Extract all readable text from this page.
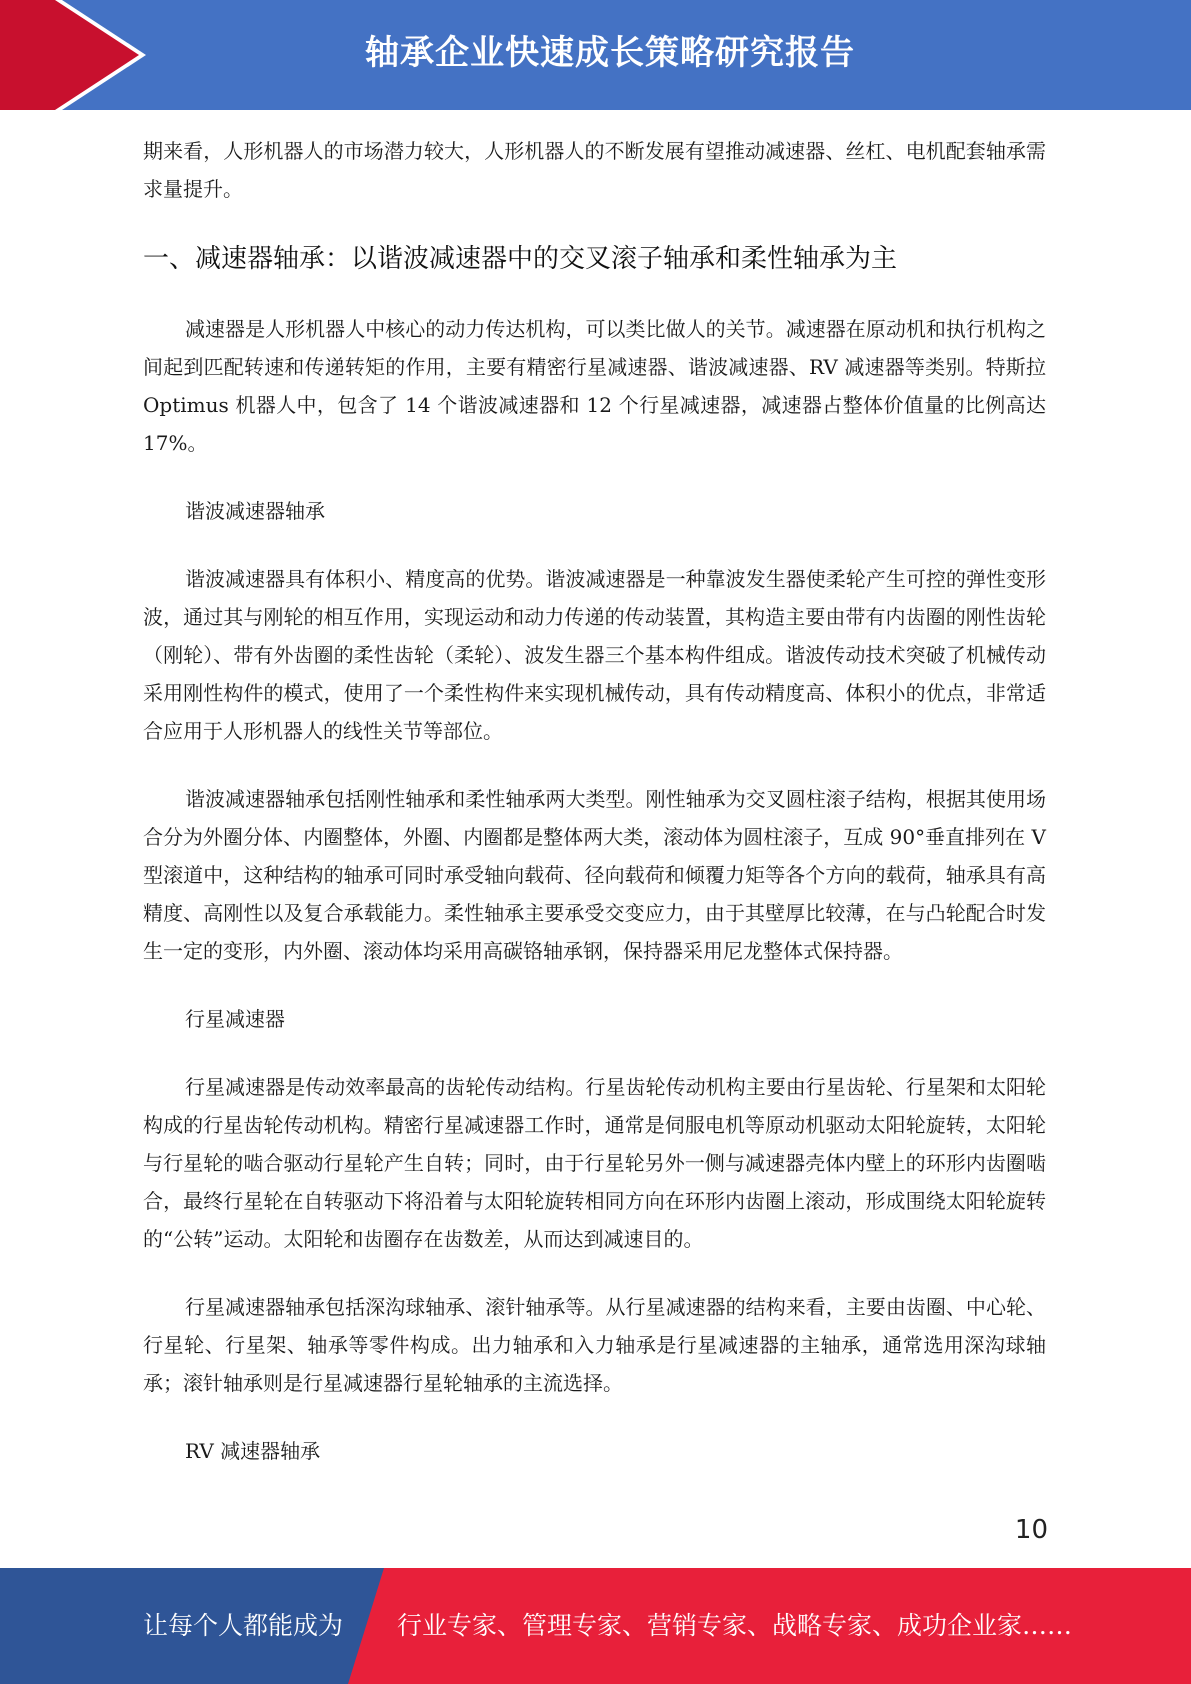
轴承企业快速成长策略研究报告

期来看，人形机器人的市场潜力较大，人形机器人的不断发展有望推动减速器、丝杠、电机配套轴承需求量提升。

一、减速器轴承：以谐波减速器中的交叉滚子轴承和柔性轴承为主

减速器是人形机器人中核心的动力传达机构，可以类比做人的关节。减速器在原动机和执行机构之间起到匹配转速和传递转矩的作用，主要有精密行星减速器、谐波减速器、RV 减速器等类别。特斯拉 Optimus 机器人中，包含了 14 个谐波减速器和 12 个行星减速器，减速器占整体价值量的比例高达 17%。

谐波减速器轴承

谐波减速器具有体积小、精度高的优势。谐波减速器是一种靠波发生器使柔轮产生可控的弹性变形波，通过其与刚轮的相互作用，实现运动和动力传递的传动装置，其构造主要由带有内齿圈的刚性齿轮（刚轮）、带有外齿圈的柔性齿轮（柔轮）、波发生器三个基本构件组成。谐波传动技术突破了机械传动采用刚性构件的模式，使用了一个柔性构件来实现机械传动，具有传动精度高、体积小的优点，非常适合应用于人形机器人的线性关节等部位。

谐波减速器轴承包括刚性轴承和柔性轴承两大类型。刚性轴承为交叉圆柱滚子结构，根据其使用场合分为外圈分体、内圈整体，外圈、内圈都是整体两大类，滚动体为圆柱滚子，互成 90°垂直排列在 V 型滚道中，这种结构的轴承可同时承受轴向载荷、径向载荷和倾覆力矩等各个方向的载荷，轴承具有高精度、高刚性以及复合承载能力。柔性轴承主要承受交变应力，由于其壁厚比较薄，在与凸轮配合时发生一定的变形，内外圈、滚动体均采用高碳铬轴承钢，保持器采用尼龙整体式保持器。

行星减速器

行星减速器是传动效率最高的齿轮传动结构。行星齿轮传动机构主要由行星齿轮、行星架和太阳轮构成的行星齿轮传动机构。精密行星减速器工作时，通常是伺服电机等原动机驱动太阳轮旋转，太阳轮与行星轮的啮合驱动行星轮产生自转；同时，由于行星轮另外一侧与减速器壳体内壁上的环形内齿圈啮合，最终行星轮在自转驱动下将沿着与太阳轮旋转相同方向在环形内齿圈上滚动，形成围绕太阳轮旋转的“公转”运动。太阳轮和齿圈存在齿数差，从而达到减速目的。

行星减速器轴承包括深沟球轴承、滚针轴承等。从行星减速器的结构来看，主要由齿圈、中心轮、行星轮、行星架、轴承等零件构成。出力轴承和入力轴承是行星减速器的主轴承，通常选用深沟球轴承；滚针轴承则是行星减速器行星轮轴承的主流选择。

RV 减速器轴承

10
让每个人都能成为 行业专家、管理专家、营销专家、战略专家、成功企业家……
